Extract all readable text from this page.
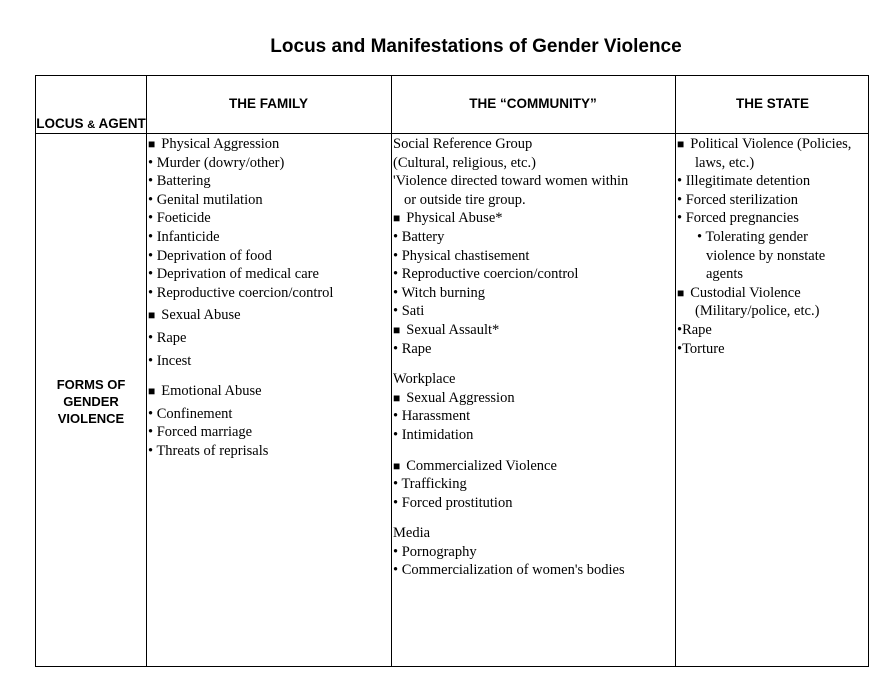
Locus and Manifestations of Gender Violence
LOCUS & AGENT
THE FAMILY	THE “COMMUNITY”	THE STATE
FORMS OF
GENDER
VIOLENCE
■ Physical Aggression
• Murder (dowry/other)
• Battering
• Genital mutilation
• Foeticide
• Infanticide
• Deprivation of food
• Deprivation of medical care
• Reproductive coercion/control
■ Sexual Abuse
• Rape
• Incest
■ Emotional Abuse
• Confinement
• Forced marriage
• Threats of reprisals
Social Reference Group
(Cultural, religious, etc.)
'Violence directed toward women within
or outside tire group.
■ Physical Abuse*
• Battery
• Physical chastisement
• Reproductive coercion/control
• Witch burning
• Sati
■ Sexual Assault*
• Rape
Workplace
■ Sexual Aggression
• Harassment
• Intimidation
■ Commercialized Violence
• Trafficking
• Forced prostitution
Media
• Pornography
• Commercialization of women's bodies
■ Political Violence (Policies,
laws, etc.)
• Illegitimate detention
• Forced sterilization
• Forced pregnancies
• Tolerating gender
violence by nonstate
agents
■ Custodial Violence
(Military/police, etc.)
•Rape
•Torture
